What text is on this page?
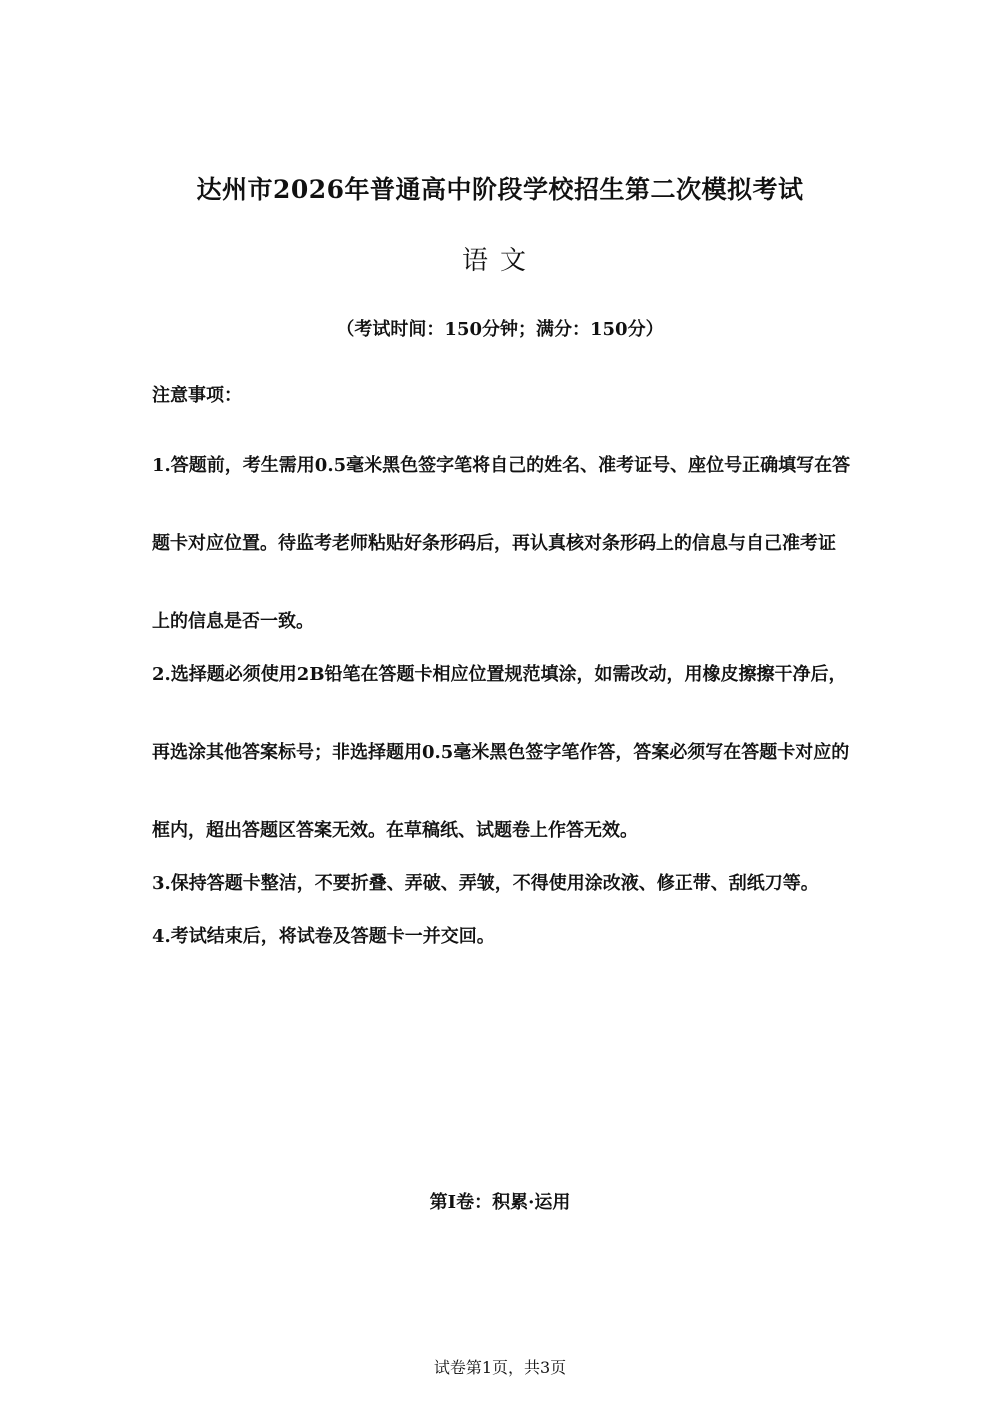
达州市2026年普通高中阶段学校招生第二次模拟考试
语文
（考试时间：150分钟；满分：150分）
注意事项：
1.答题前，考生需用0.5毫米黑色签字笔将自己的姓名、准考证号、座位号正确填写在答题卡对应位置。待监考老师粘贴好条形码后，再认真核对条形码上的信息与自己准考证上的信息是否一致。
2.选择题必须使用2B铅笔在答题卡相应位置规范填涂，如需改动，用橡皮擦擦干净后，再选涂其他答案标号；非选择题用0.5毫米黑色签字笔作答，答案必须写在答题卡对应的框内，超出答题区答案无效。在草稿纸、试题卷上作答无效。
3.保持答题卡整洁，不要折叠、弄破、弄皱，不得使用涂改液、修正带、刮纸刀等。
4.考试结束后，将试卷及答题卡一并交回。
第I卷：积累·运用
试卷第1页，共3页
